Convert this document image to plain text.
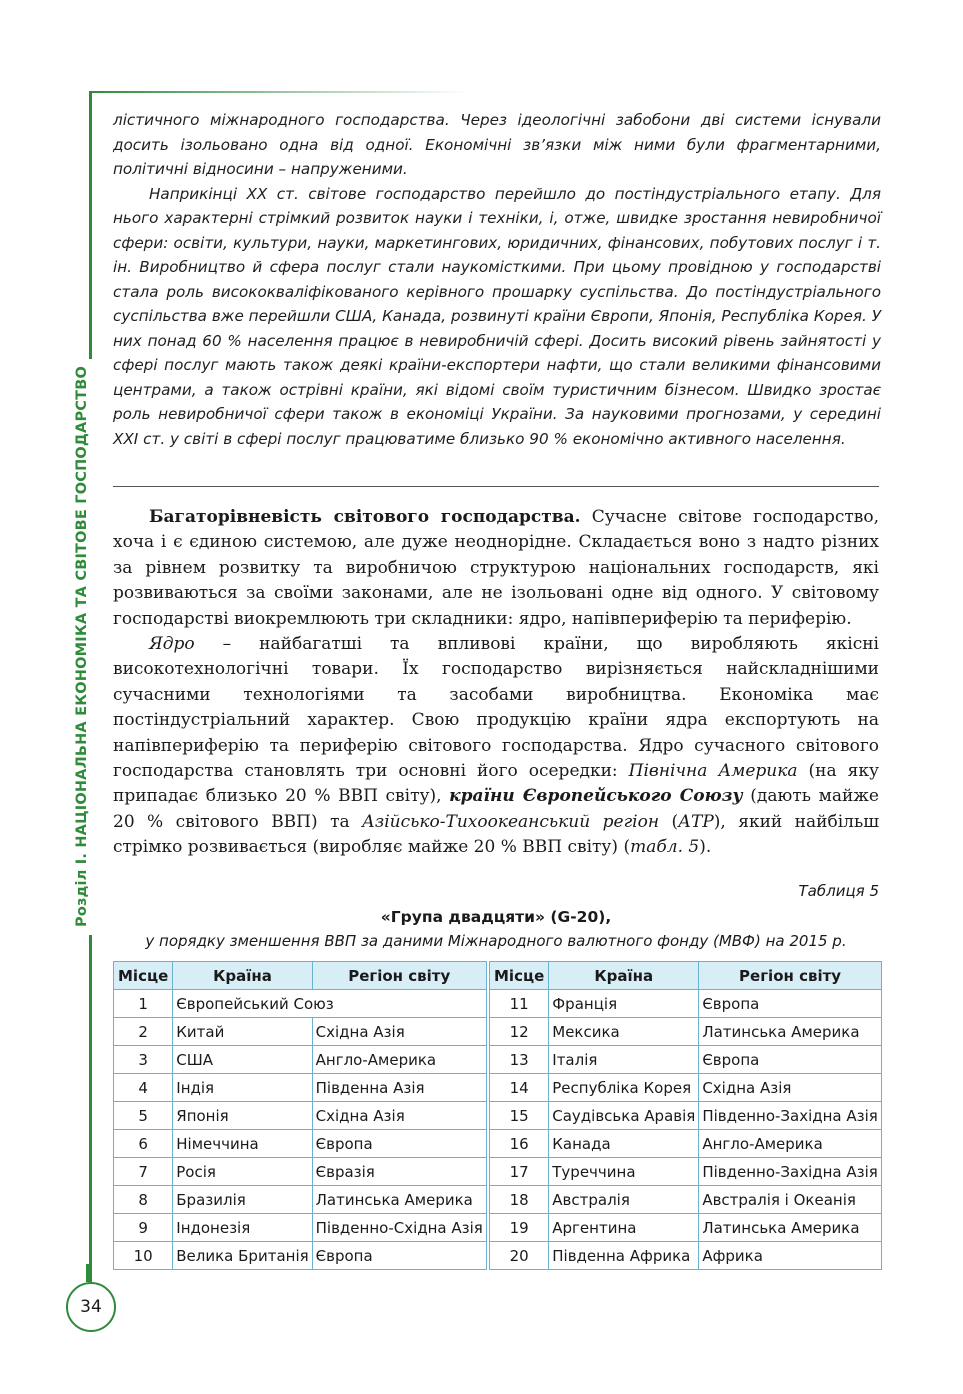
Розділ І. НАЦІОНАЛЬНА ЕКОНОМІКА ТА СВІТОВЕ ГОСПОДАРСТВО
34

лістичного міжнародного господарства. Через ідеологічні забобони дві системи існували досить ізольовано одна від одної. Економічні зв’язки між ними були фрагментарними, політичні відносини – напруженими.

Наприкінці XX ст. світове господарство перейшло до постіндустріального етапу. Для нього характерні стрімкий розвиток науки і техніки, і, отже, швидке зростання невиробничої сфери: освіти, культури, науки, маркетингових, юридичних, фінансових, побутових послуг і т. ін. Виробництво й сфера послуг стали наукомісткими. При цьому провідною у господарстві стала роль висококваліфікованого керівного прошарку суспільства. До постіндустріального суспільства вже перейшли США, Канада, розвинуті країни Європи, Японія, Республіка Корея. У них понад 60 % населення працює в невиробничій сфері. Досить високий рівень зайнятості у сфері послуг мають також деякі країни-експортери нафти, що стали великими фінансовими центрами, а також острівні країни, які відомі своїм туристичним бізнесом. Швидко зростає роль невиробничої сфери також в економіці України. За науковими прогнозами, у середині XXI ст. у світі в сфері послуг працюватиме близько 90 % економічно активного населення.

Багаторівневість світового господарства. Сучасне світове господарство, хоча і є єдиною системою, але дуже неоднорідне. Складається воно з надто різних за рівнем розвитку та виробничою структурою національних господарств, які розвиваються за своїми законами, але не ізольовані одне від одного. У світовому господарстві виокремлюють три складники: ядро, напівпериферію та периферію.

Ядро – найбагатші та впливові країни, що виробляють якісні високотехнологічні товари. Їх господарство вирізняється найскладнішими сучасними технологіями та засобами виробництва. Економіка має постіндустріальний характер. Свою продукцію країни ядра експортують на напівпериферію та периферію світового господарства. Ядро сучасного світового господарства становлять три основні його осередки: Північна Америка (на яку припадає близько 20 % ВВП світу), країни Європейського Союзу (дають майже 20 % світового ВВП) та Азійсько-Тихоокеанський регіон (АТР), який найбільш стрімко розвивається (виробляє майже 20 % ВВП світу) (табл. 5).

Таблиця 5
«Група двадцяти» (G-20),
у порядку зменшення ВВП за даними Міжнародного валютного фонду (МВФ) на 2015 р.
Місце	Країна	Регіон світу
1	Європейський Союз	
2	Китай	Східна Азія
3	США	Англо-Америка
4	Індія	Південна Азія
5	Японія	Східна Азія
6	Німеччина	Європа
7	Росія	Євразія
8	Бразилія	Латинська Америка
9	Індонезія	Південно-Східна Азія
10	Велика Британія	Європа
Місце	Країна	Регіон світу
11	Франція	Європа
12	Мексика	Латинська Америка
13	Італія	Європа
14	Республіка Корея	Східна Азія
15	Саудівська Аравія	Південно-Західна Азія
16	Канада	Англо-Америка
17	Туреччина	Південно-Західна Азія
18	Австралія	Австралія і Океанія
19	Аргентина	Латинська Америка
20	Південна Африка	Африка
